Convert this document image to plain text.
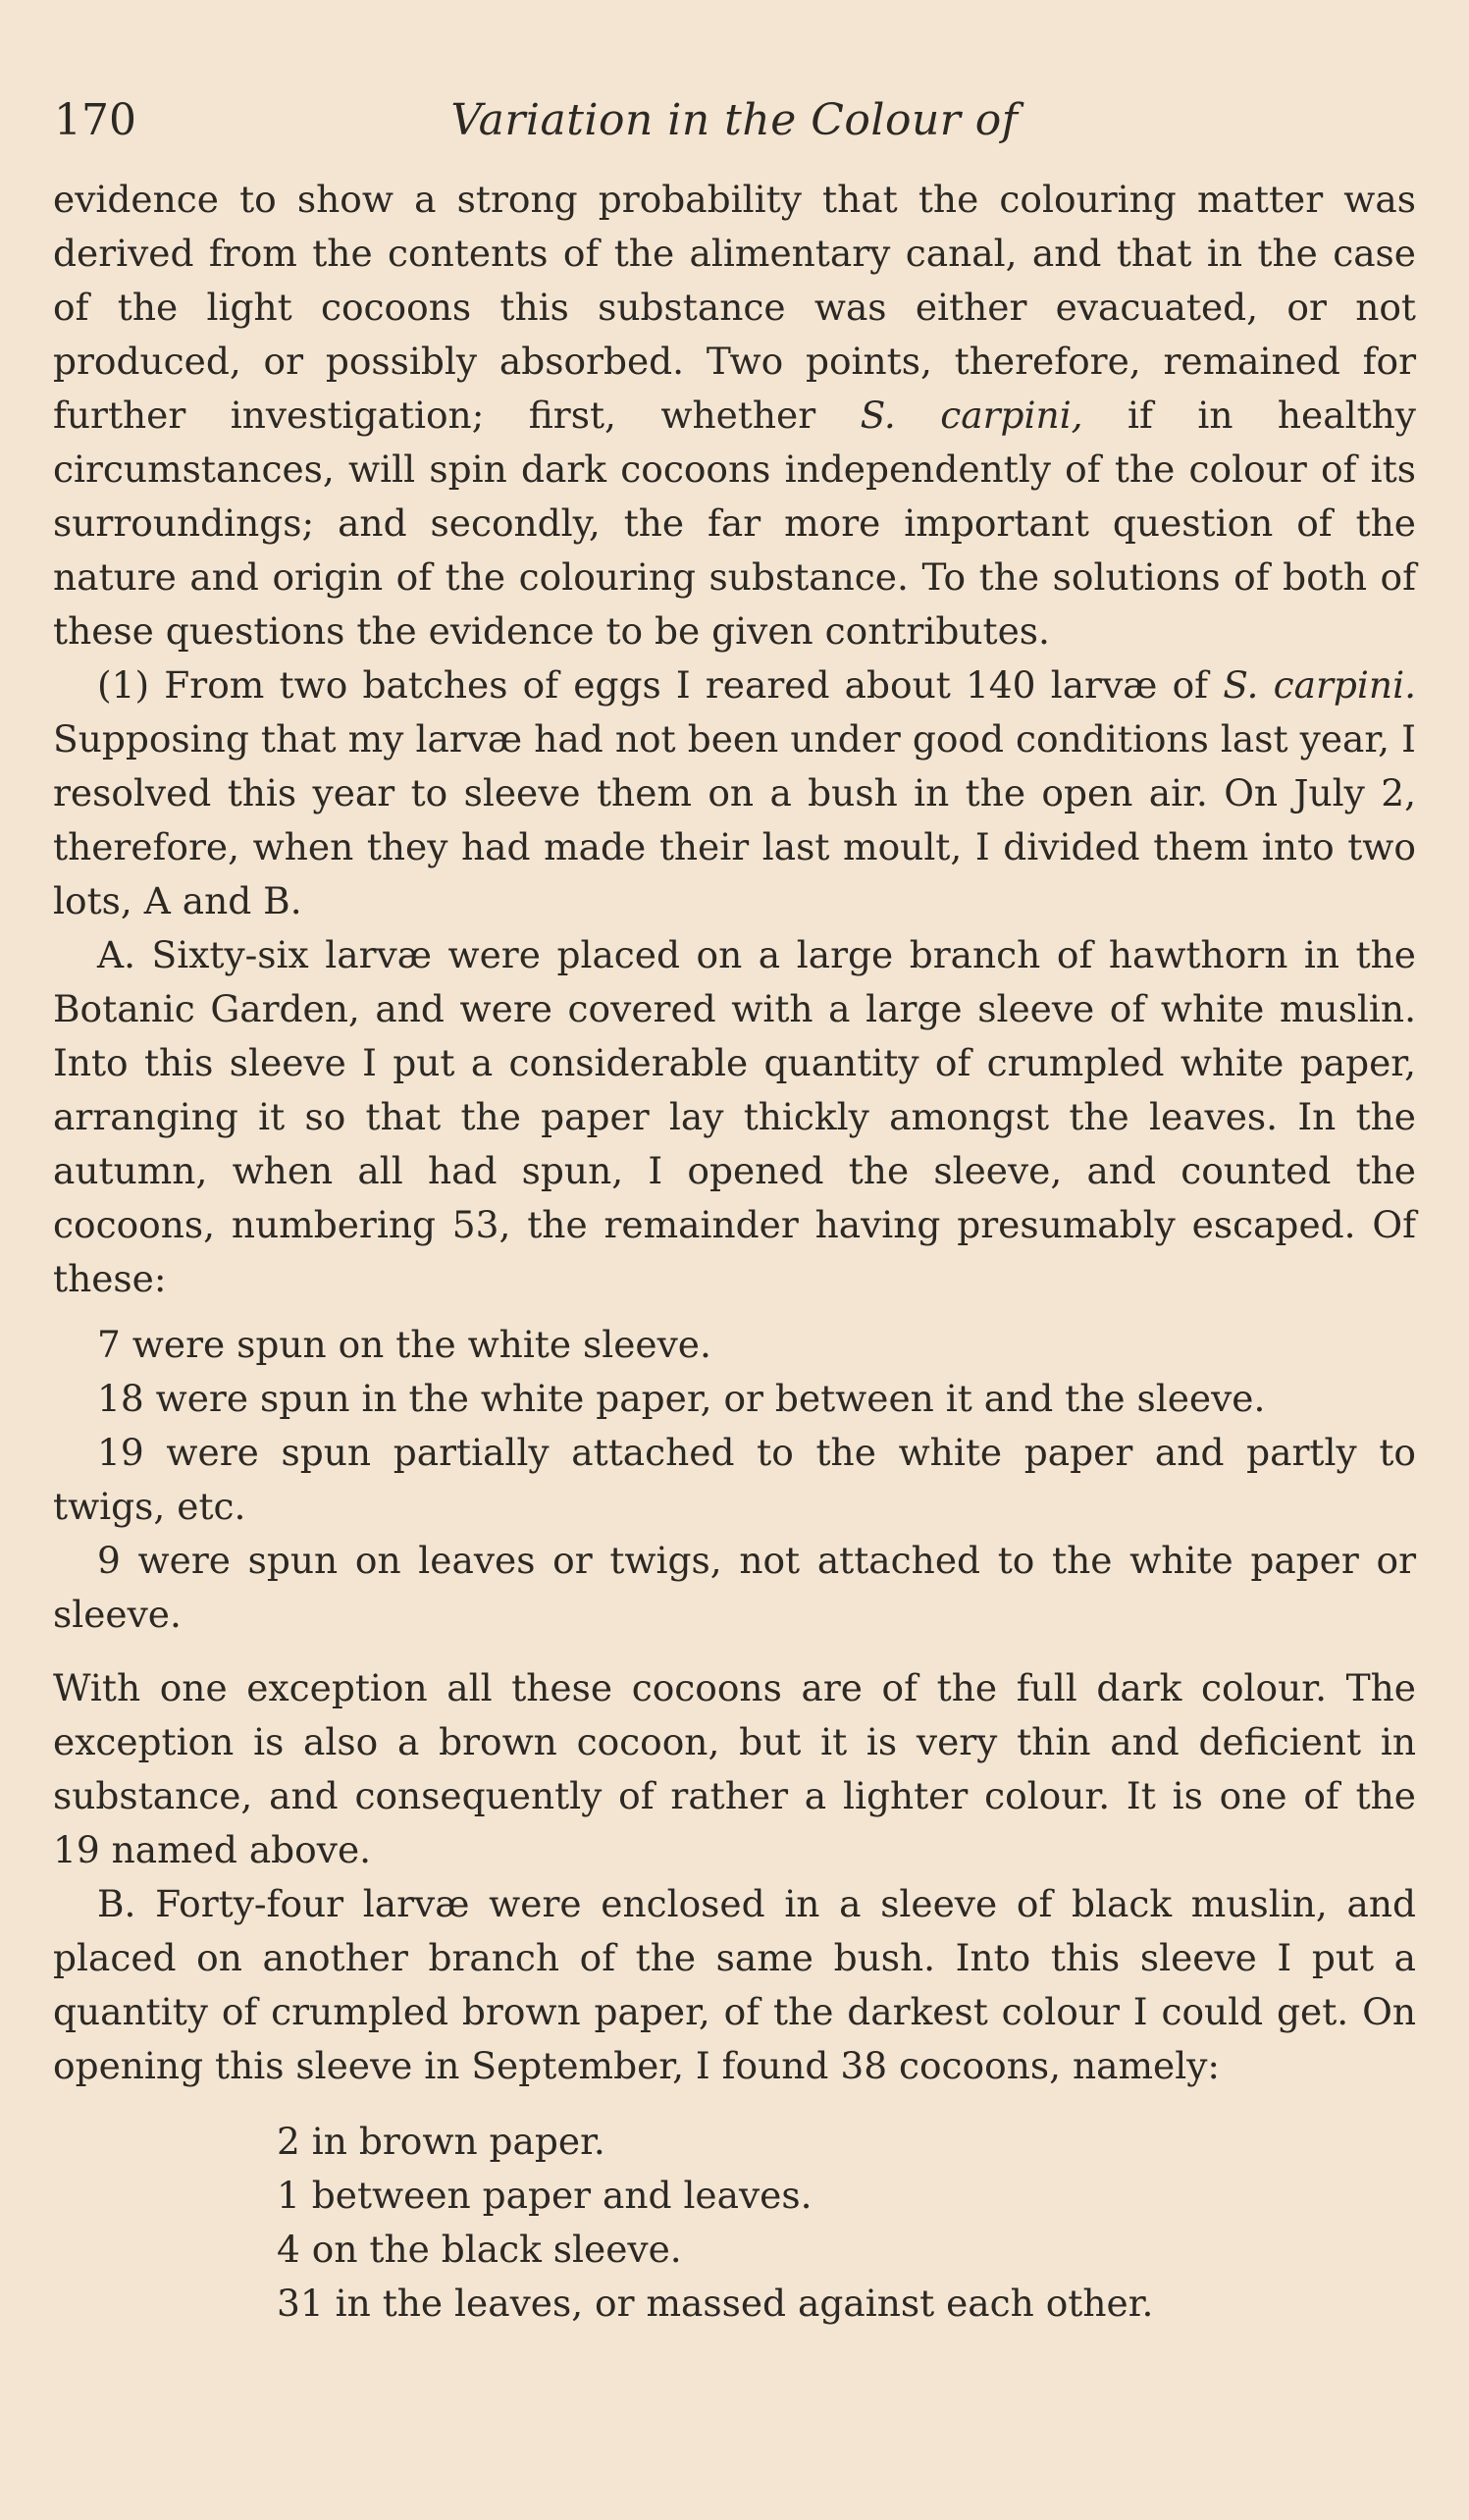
170	Variation in the Colour of

evidence to show a strong probability that the colouring matter was derived from the contents of the alimentary canal, and that in the case of the light cocoons this substance was either evacuated, or not produced, or possibly absorbed. Two points, therefore, remained for further investigation; first, whether S. carpini, if in healthy circumstances, will spin dark cocoons independently of the colour of its surroundings; and secondly, the far more important question of the nature and origin of the colouring substance. To the solutions of both of these questions the evidence to be given contributes.

(1) From two batches of eggs I reared about 140 larvæ of S. carpini. Supposing that my larvæ had not been under good conditions last year, I resolved this year to sleeve them on a bush in the open air. On July 2, therefore, when they had made their last moult, I divided them into two lots, A and B.

A. Sixty-six larvæ were placed on a large branch of hawthorn in the Botanic Garden, and were covered with a large sleeve of white muslin. Into this sleeve I put a considerable quantity of crumpled white paper, arranging it so that the paper lay thickly amongst the leaves. In the autumn, when all had spun, I opened the sleeve, and counted the cocoons, numbering 53, the remainder having presumably escaped. Of these:

7 were spun on the white sleeve.

18 were spun in the white paper, or between it and the sleeve.

19 were spun partially attached to the white paper and partly to twigs, etc.

9 were spun on leaves or twigs, not attached to the white paper or sleeve.

With one exception all these cocoons are of the full dark colour. The exception is also a brown cocoon, but it is very thin and deficient in substance, and consequently of rather a lighter colour. It is one of the 19 named above.

B. Forty-four larvæ were enclosed in a sleeve of black muslin, and placed on another branch of the same bush. Into this sleeve I put a quantity of crumpled brown paper, of the darkest colour I could get. On opening this sleeve in September, I found 38 cocoons, namely:

2 in brown paper.
1 between paper and leaves.
4 on the black sleeve.
31 in the leaves, or massed against each other.
